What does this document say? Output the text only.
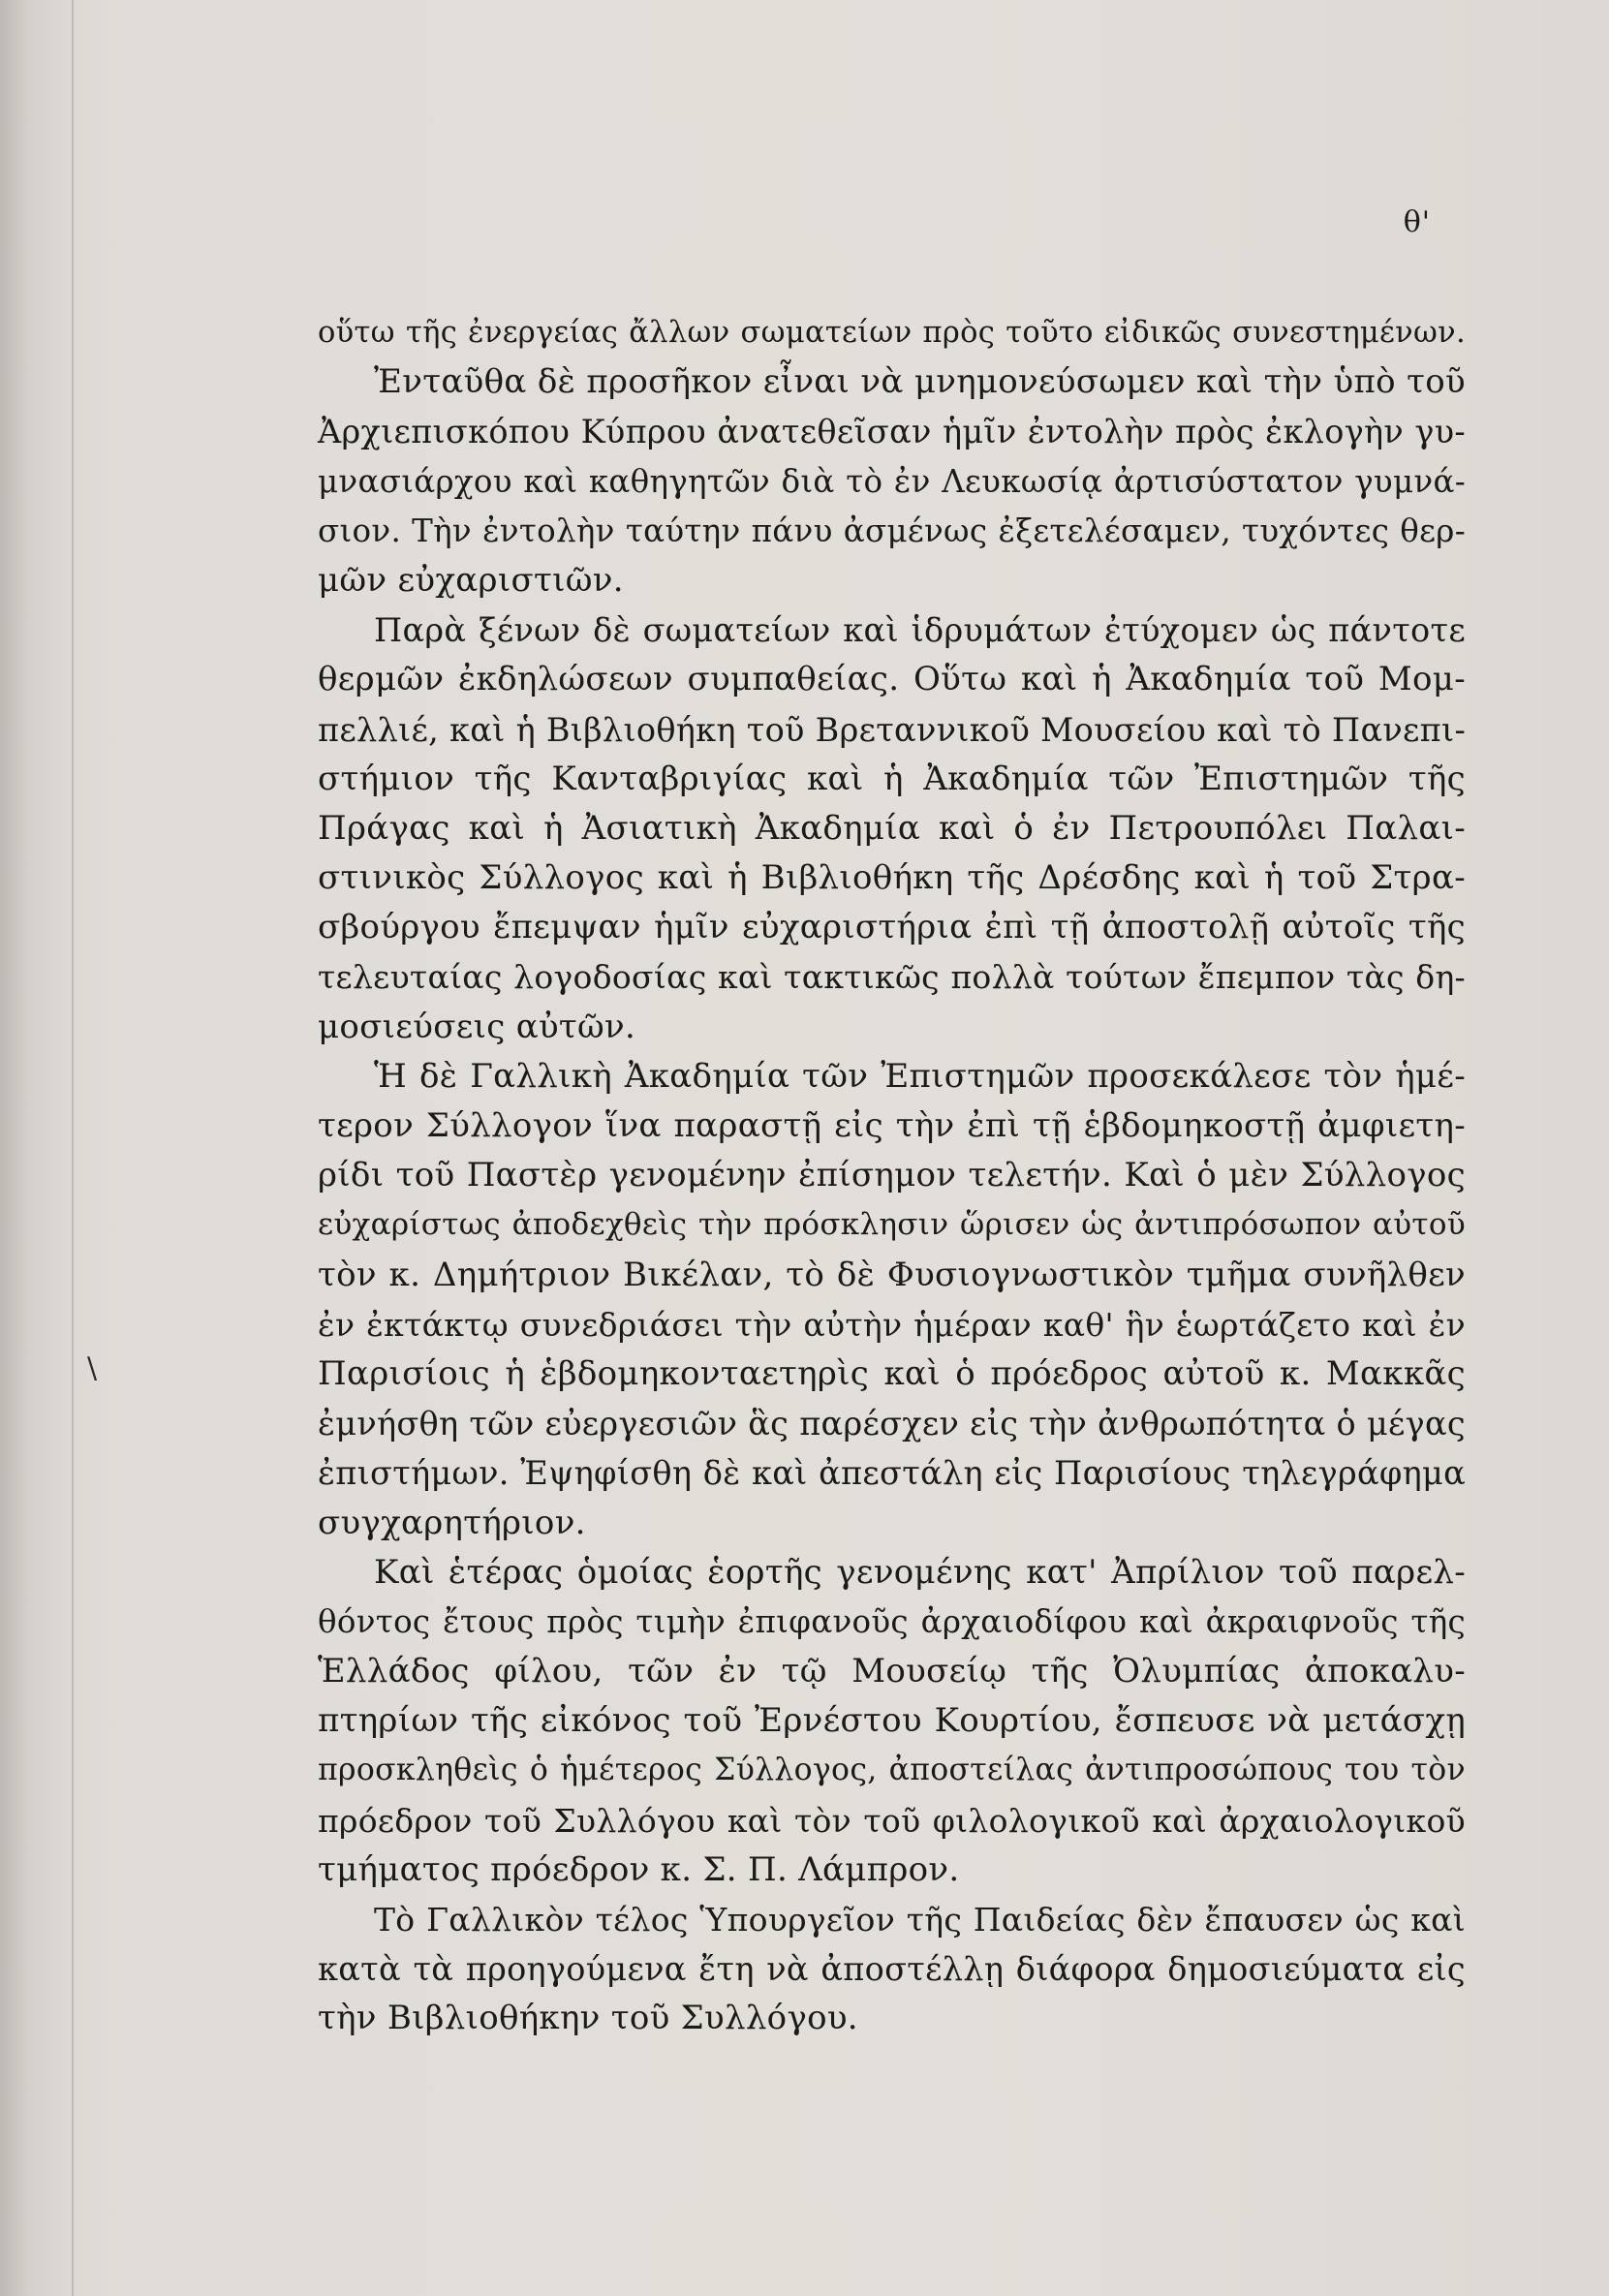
θ'
\
οὕτω τῆς ἐνεργείας ἄλλων σωματείων πρὸς τοῦτο εἰδικῶς συνεστημένων.
Ἐνταῦθα δὲ προσῆκον εἶναι νὰ μνημονεύσωμεν καὶ τὴν ὑπὸ τοῦ
Ἀρχιεπισκόπου Κύπρου ἀνατεθεῖσαν ἡμῖν ἐντολὴν πρὸς ἐκλογὴν γυ-
μνασιάρχου καὶ καθηγητῶν διὰ τὸ ἐν Λευκωσίᾳ ἀρτισύστατον γυμνά-
σιον. Τὴν ἐντολὴν ταύτην πάνυ ἀσμένως ἐξετελέσαμεν, τυχόντες θερ-
μῶν εὐχαριστιῶν.
Παρὰ ξένων δὲ σωματείων καὶ ἱδρυμάτων ἐτύχομεν ὡς πάντοτε
θερμῶν ἐκδηλώσεων συμπαθείας. Οὕτω καὶ ἡ Ἀκαδημία τοῦ Μομ-
πελλιέ, καὶ ἡ Βιβλιοθήκη τοῦ Βρεταννικοῦ Μουσείου καὶ τὸ Πανεπι-
στήμιον τῆς Κανταβριγίας καὶ ἡ Ἀκαδημία τῶν Ἐπιστημῶν τῆς
Πράγας καὶ ἡ Ἀσιατικὴ Ἀκαδημία καὶ ὁ ἐν Πετρουπόλει Παλαι-
στινικὸς Σύλλογος καὶ ἡ Βιβλιοθήκη τῆς Δρέσδης καὶ ἡ τοῦ Στρα-
σβούργου ἔπεμψαν ἡμῖν εὐχαριστήρια ἐπὶ τῇ ἀποστολῇ αὐτοῖς τῆς
τελευταίας λογοδοσίας καὶ τακτικῶς πολλὰ τούτων ἔπεμπον τὰς δη-
μοσιεύσεις αὐτῶν.
Ἡ δὲ Γαλλικὴ Ἀκαδημία τῶν Ἐπιστημῶν προσεκάλεσε τὸν ἡμέ-
τερον Σύλλογον ἵνα παραστῇ εἰς τὴν ἐπὶ τῇ ἑβδομηκοστῇ ἀμφιετη-
ρίδι τοῦ Παστὲρ γενομένην ἐπίσημον τελετήν. Καὶ ὁ μὲν Σύλλογος
εὐχαρίστως ἀποδεχθεὶς τὴν πρόσκλησιν ὥρισεν ὡς ἀντιπρόσωπον αὐτοῦ
τὸν κ. Δημήτριον Βικέλαν, τὸ δὲ Φυσιογνωστικὸν τμῆμα συνῆλθεν
ἐν ἐκτάκτῳ συνεδριάσει τὴν αὐτὴν ἡμέραν καθ' ἣν ἑωρτάζετο καὶ ἐν
Παρισίοις ἡ ἑβδομηκονταετηρὶς καὶ ὁ πρόεδρος αὐτοῦ κ. Μακκᾶς
ἐμνήσθη τῶν εὐεργεσιῶν ἃς παρέσχεν εἰς τὴν ἀνθρωπότητα ὁ μέγας
ἐπιστήμων. Ἐψηφίσθη δὲ καὶ ἀπεστάλη εἰς Παρισίους τηλεγράφημα
συγχαρητήριον.
Καὶ ἑτέρας ὁμοίας ἑορτῆς γενομένης κατ' Ἀπρίλιον τοῦ παρελ-
θόντος ἔτους πρὸς τιμὴν ἐπιφανοῦς ἀρχαιοδίφου καὶ ἀκραιφνοῦς τῆς
Ἑλλάδος φίλου, τῶν ἐν τῷ Μουσείῳ τῆς Ὀλυμπίας ἀποκαλυ-
πτηρίων τῆς εἰκόνος τοῦ Ἐρνέστου Κουρτίου, ἔσπευσε νὰ μετάσχῃ
προσκληθεὶς ὁ ἡμέτερος Σύλλογος, ἀποστείλας ἀντιπροσώπους του τὸν
πρόεδρον τοῦ Συλλόγου καὶ τὸν τοῦ φιλολογικοῦ καὶ ἀρχαιολογικοῦ
τμήματος πρόεδρον κ. Σ. Π. Λάμπρον.
Τὸ Γαλλικὸν τέλος Ὑπουργεῖον τῆς Παιδείας δὲν ἔπαυσεν ὡς καὶ
κατὰ τὰ προηγούμενα ἔτη νὰ ἀποστέλλῃ διάφορα δημοσιεύματα εἰς
τὴν Βιβλιοθήκην τοῦ Συλλόγου.
